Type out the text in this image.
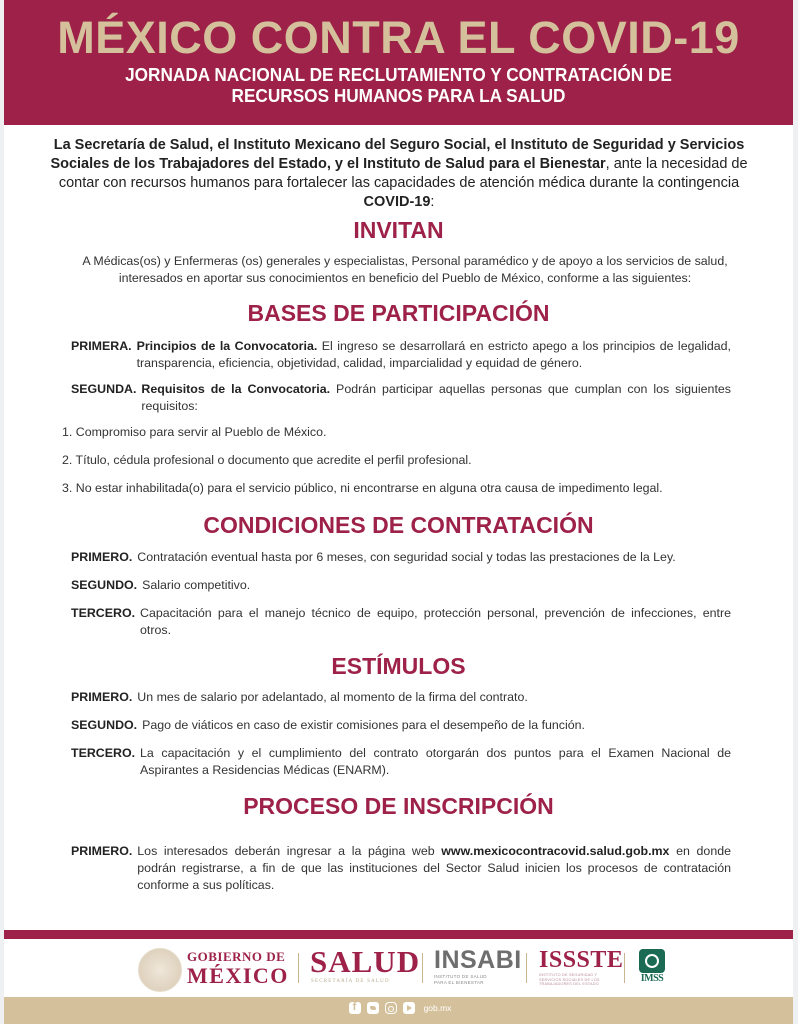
MÉXICO CONTRA EL COVID-19
JORNADA NACIONAL DE RECLUTAMIENTO Y CONTRATACIÓN DE
RECURSOS HUMANOS PARA LA SALUD
La Secretaría de Salud, el Instituto Mexicano del Seguro Social, el Instituto de Seguridad y Servicios Sociales de los Trabajadores del Estado, y el Instituto de Salud para el Bienestar, ante la necesidad de contar con recursos humanos para fortalecer las capacidades de atención médica durante la contingencia COVID-19:
INVITAN
A Médicas(os) y Enfermeras (os) generales y especialistas, Personal paramédico y de apoyo a los servicios de salud, interesados en aportar sus conocimientos en beneficio del Pueblo de México, conforme a las siguientes:
BASES DE PARTICIPACIÓN
PRIMERA. Principios de la Convocatoria. El ingreso se desarrollará en estricto apego a los principios de legalidad, transparencia, eficiencia, objetividad, calidad, imparcialidad y equidad de género.
SEGUNDA. Requisitos de la Convocatoria. Podrán participar aquellas personas que cumplan con los siguientes requisitos:
1. Compromiso para servir al Pueblo de México.
2. Título, cédula profesional o documento que acredite el perfil profesional.
3. No estar inhabilitada(o) para el servicio público, ni encontrarse en alguna otra causa de impedimento legal.
CONDICIONES DE CONTRATACIÓN
PRIMERO. Contratación eventual hasta por 6 meses, con seguridad social y todas las prestaciones de la Ley.
SEGUNDO. Salario competitivo.
TERCERO. Capacitación para el manejo técnico de equipo, protección personal, prevención de infecciones, entre otros.
ESTÍMULOS
PRIMERO. Un mes de salario por adelantado, al momento de la firma del contrato.
SEGUNDO. Pago de viáticos en caso de existir comisiones para el desempeño de la función.
TERCERO. La capacitación y el cumplimiento del contrato otorgarán dos puntos para el Examen Nacional de Aspirantes a Residencias Médicas (ENARM).
PROCESO DE INSCRIPCIÓN
PRIMERO. Los interesados deberán ingresar a la página web www.mexicocontracovid.salud.gob.mx en donde podrán registrarse, a fin de que las instituciones del Sector Salud inicien los procesos de contratación conforme a sus políticas.
GOBIERNO DE
MÉXICO SALUD
SECRETARÍA DE SALUD
INSABI
INSTITUTO DE SALUD PARA EL BIENESTAR
ISSSTE
INSTITUTO DE SEGURIDAD Y SERVICIOS SOCIALES DE LOS TRABAJADORES DEL ESTADO
IMSS
gob.mx
